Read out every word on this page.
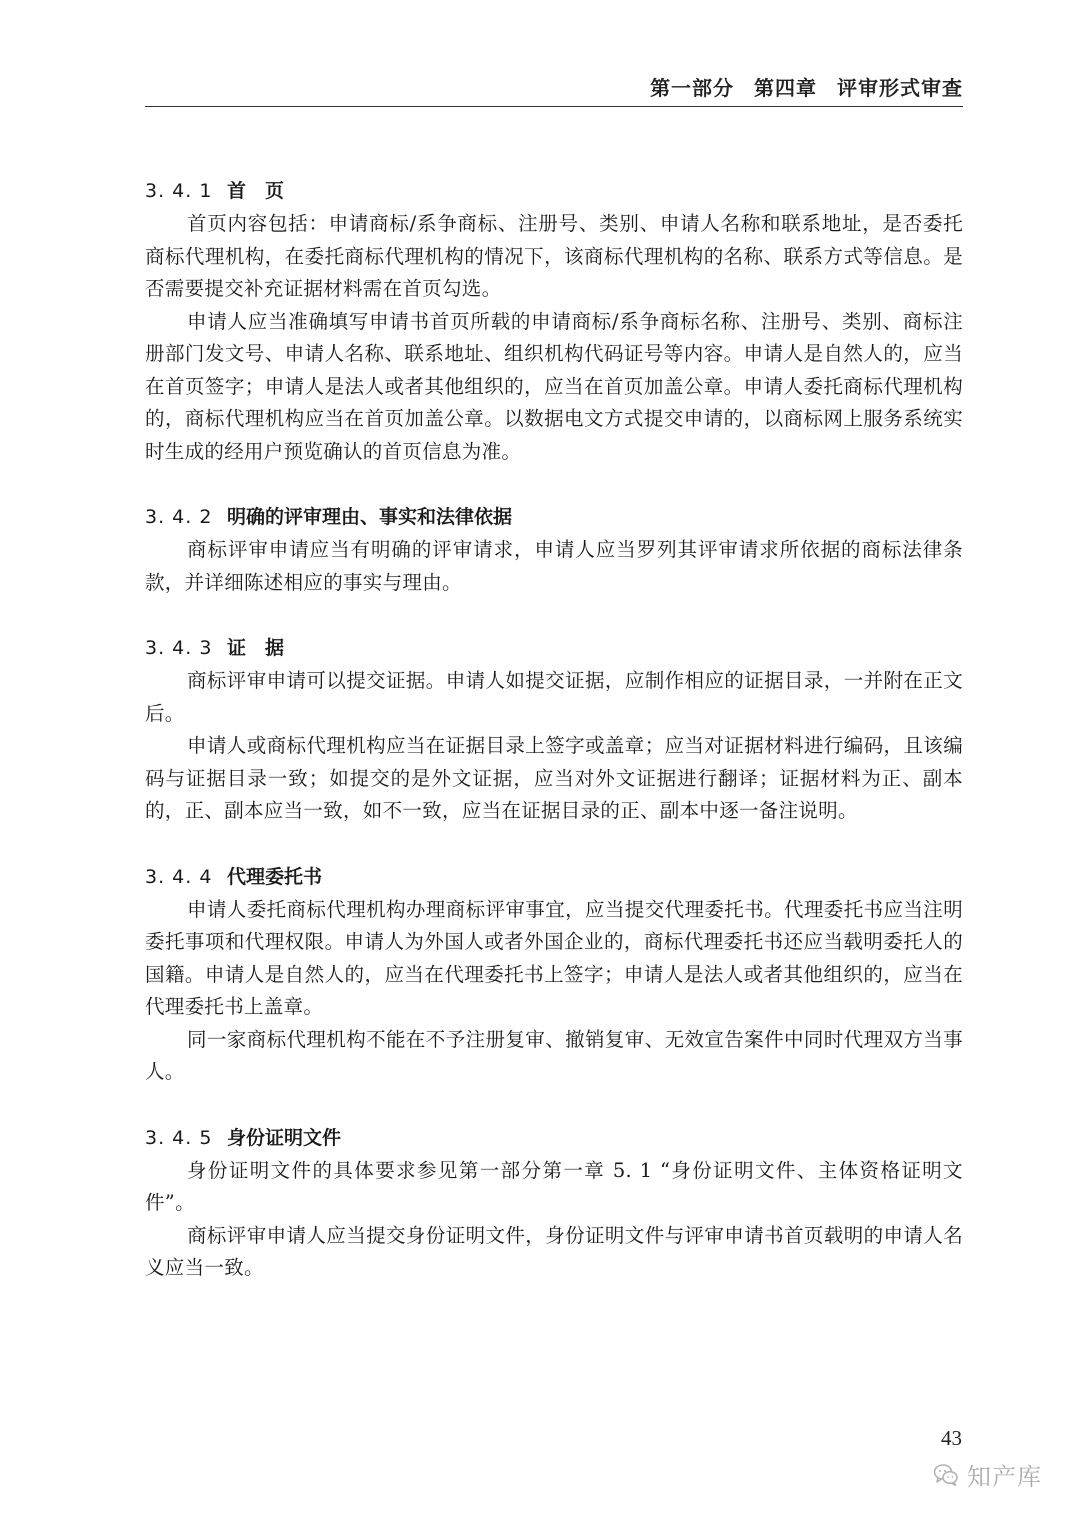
第一部分 第四章 评审形式审查
3. 4. 1 首　页

首页内容包括：申请商标/系争商标、注册号、类别、申请人名称和联系地址，是否委托商标代理机构，在委托商标代理机构的情况下，该商标代理机构的名称、联系方式等信息。是否需要提交补充证据材料需在首页勾选。

申请人应当准确填写申请书首页所载的申请商标/系争商标名称、注册号、类别、商标注册部门发文号、申请人名称、联系地址、组织机构代码证号等内容。申请人是自然人的，应当在首页签字；申请人是法人或者其他组织的，应当在首页加盖公章。申请人委托商标代理机构的，商标代理机构应当在首页加盖公章。以数据电文方式提交申请的，以商标网上服务系统实时生成的经用户预览确认的首页信息为准。

3. 4. 2 明确的评审理由、事实和法律依据

商标评审申请应当有明确的评审请求，申请人应当罗列其评审请求所依据的商标法律条款，并详细陈述相应的事实与理由。

3. 4. 3 证　据

商标评审申请可以提交证据。申请人如提交证据，应制作相应的证据目录，一并附在正文后。

申请人或商标代理机构应当在证据目录上签字或盖章；应当对证据材料进行编码，且该编码与证据目录一致；如提交的是外文证据，应当对外文证据进行翻译；证据材料为正、副本的，正、副本应当一致，如不一致，应当在证据目录的正、副本中逐一备注说明。

3. 4. 4 代理委托书

申请人委托商标代理机构办理商标评审事宜，应当提交代理委托书。代理委托书应当注明委托事项和代理权限。申请人为外国人或者外国企业的，商标代理委托书还应当载明委托人的国籍。申请人是自然人的，应当在代理委托书上签字；申请人是法人或者其他组织的，应当在代理委托书上盖章。

同一家商标代理机构不能在不予注册复审、撤销复审、无效宣告案件中同时代理双方当事人。

3. 4. 5 身份证明文件

身份证明文件的具体要求参见第一部分第一章 5. 1 “身份证明文件、主体资格证明文件”。

商标评审申请人应当提交身份证明文件，身份证明文件与评审申请书首页载明的申请人名义应当一致。

43
知产库
